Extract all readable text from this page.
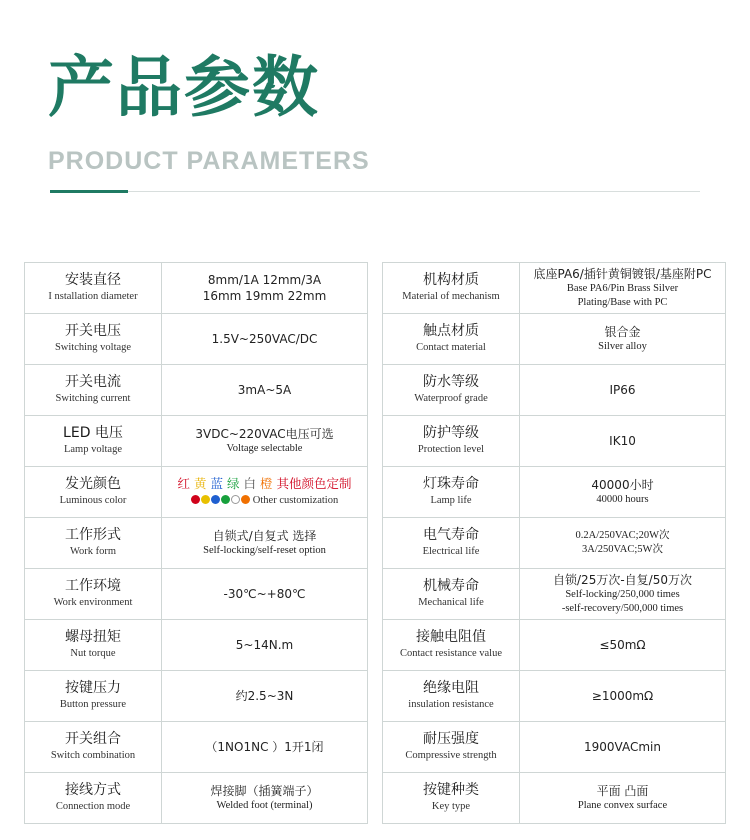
产品参数
PRODUCT PARAMETERS
安装直径
I nstallation diameter	8mm/1A 12mm/3A
16mm 19mm 22mm

开关电压
Switching voltage	1.5V~250VAC/DC

开关电流
Switching current	3mA~5A

LED 电压
Lamp voltage	3VDC~220VAC电压可选
Voltage selectable

发光颜色
Luminous color	红 黄 蓝 绿 白 橙 其他颜色定制
Other customization

工作形式
Work form	自锁式/自复式 选择
Self-locking/self-reset option

工作环境
Work environment	-30℃~+80℃

螺母扭矩
Nut torque	5~14N.m

按键压力
Button pressure	约2.5~3N

开关组合
Switch combination	（1NO1NC ）1开1闭

接线方式
Connection mode	焊接脚（插簧端子）
Welded foot (terminal)
机构材质
Material of mechanism	底座PA6/插针黄铜镀银/基座附PC
Base PA6/Pin Brass Silver
Plating/Base with PC

触点材质
Contact material	银合金
Silver alloy

防水等级
Waterproof grade	IP66

防护等级
Protection level	IK10

灯珠寿命
Lamp life	40000小时
40000 hours

电气寿命
Electrical life	0.2A/250VAC;20W次
3A/250VAC;5W次

机械寿命
Mechanical life	自锁/25万次-自复/50万次
Self-locking/250,000 times
-self-recovery/500,000 times

接触电阻值
Contact resistance value	≤50mΩ

绝缘电阻
insulation resistance	≥1000mΩ

耐压强度
Compressive strength	1900VACmin

按键种类
Key type	平面 凸面
Plane convex surface
